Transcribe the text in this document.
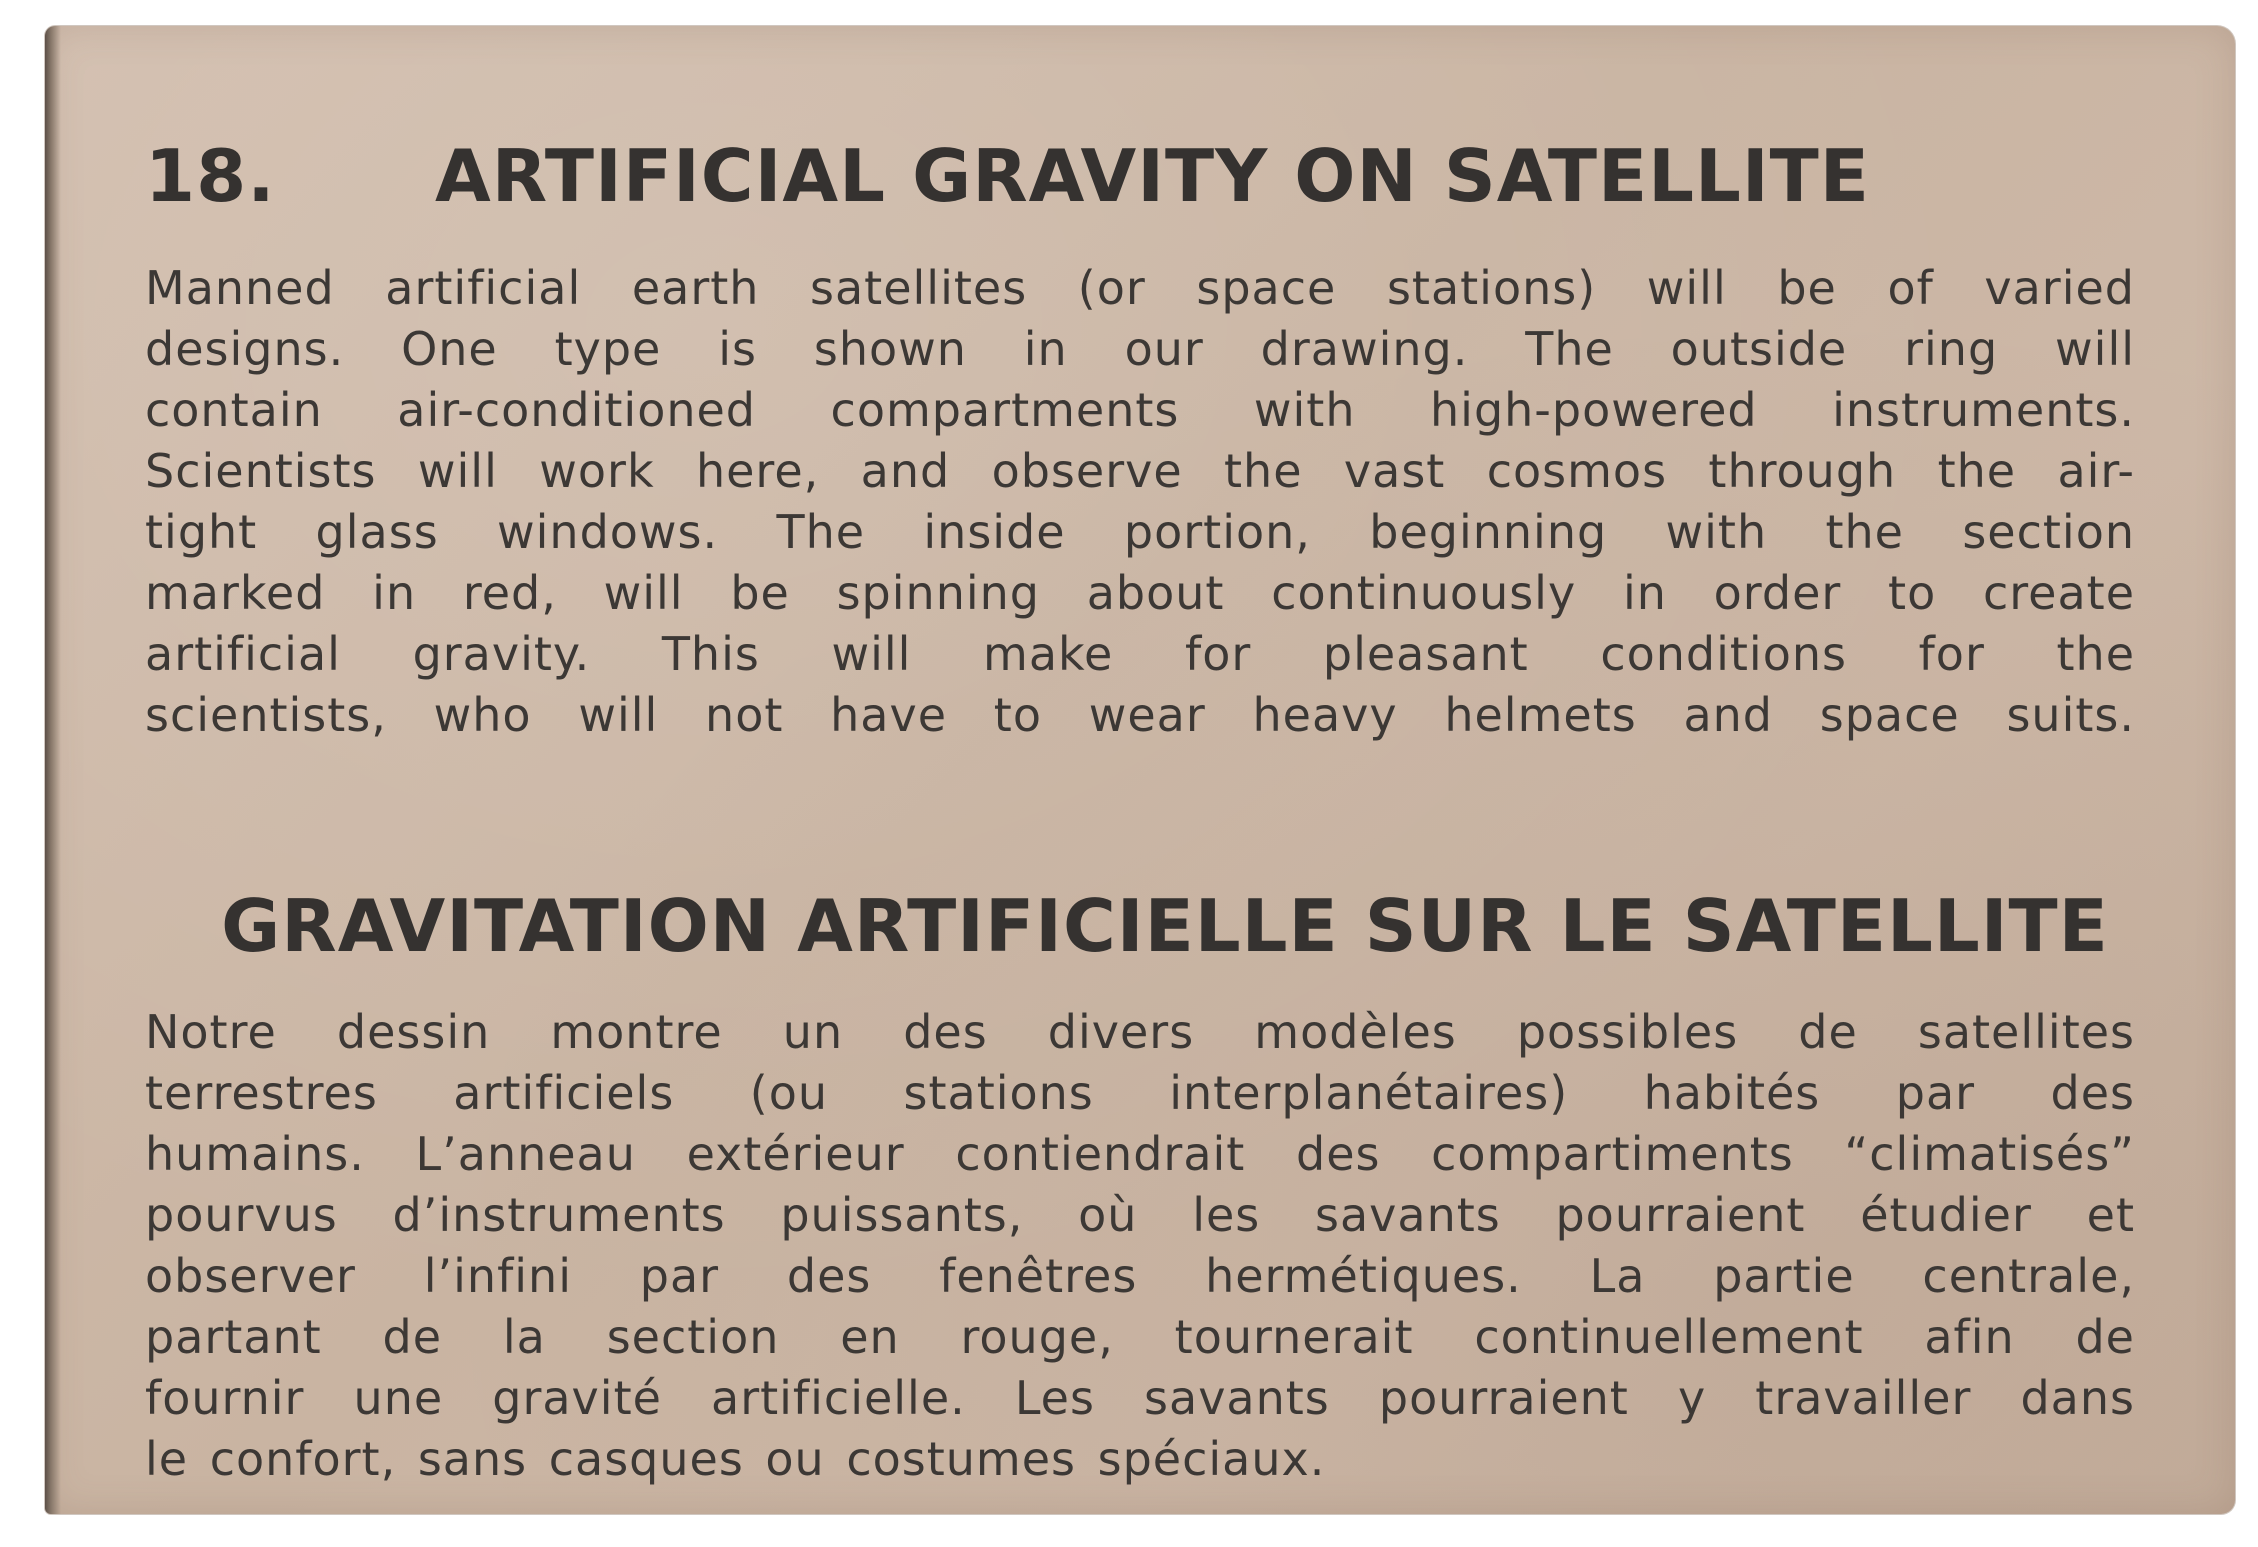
18. ARTIFICIAL GRAVITY ON SATELLITE
Manned artificial earth satellites (or space stations) will be of varied
designs. One type is shown in our drawing. The outside ring will
contain air-conditioned compartments with high-powered instruments.
Scientists will work here, and observe the vast cosmos through the air-
tight glass windows. The inside portion, beginning with the section
marked in red, will be spinning about continuously in order to create
artificial gravity. This will make for pleasant conditions for the
scientists, who will not have to wear heavy helmets and space suits.
GRAVITATION ARTIFICIELLE SUR LE SATELLITE
Notre dessin montre un des divers modèles possibles de satellites
terrestres artificiels (ou stations interplanétaires) habités par des
humains. L’anneau extérieur contiendrait des compartiments “climatisés”
pourvus d’instruments puissants, où les savants pourraient étudier et
observer l’infini par des fenêtres hermétiques. La partie centrale,
partant de la section en rouge, tournerait continuellement afin de
fournir une gravité artificielle. Les savants pourraient y travailler dans
le confort, sans casques ou costumes spéciaux.
